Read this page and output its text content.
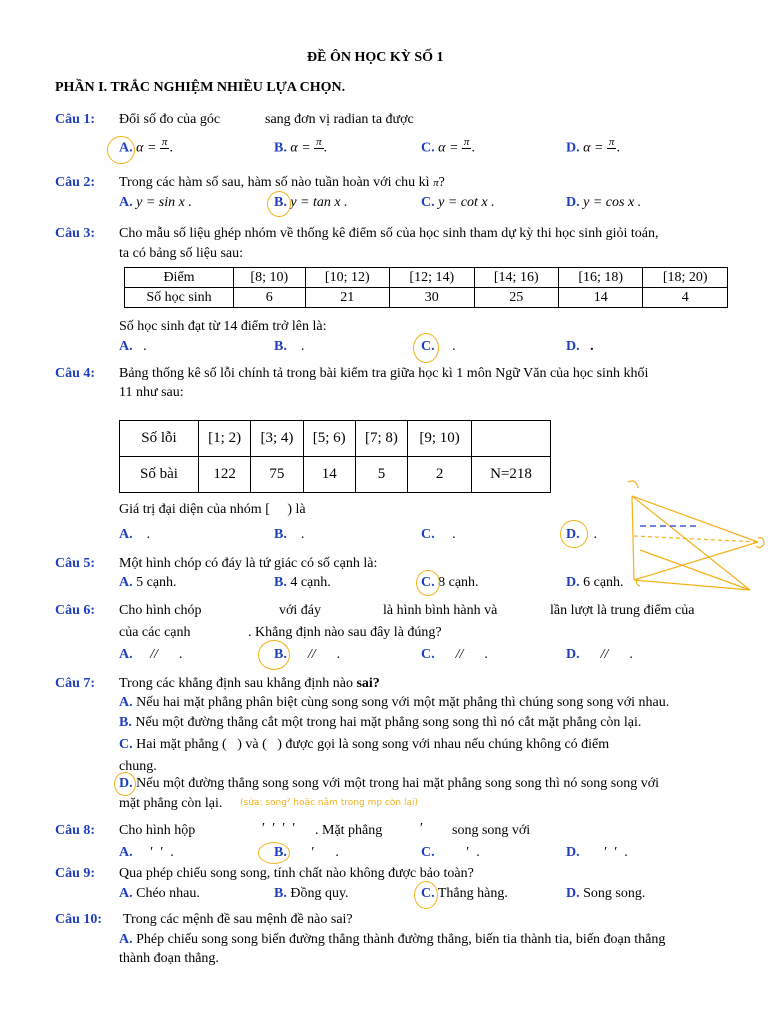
ĐỀ ÔN HỌC KỲ SỐ 1
PHẦN I. TRẮC NGHIỆM NHIỀU LỰA CHỌN.
Câu 1: Đổi số đo của góc	sang đơn vị radian ta được
A. α = π
.	B. α = π
.	C. α = π
.	D. α = π
.
Câu 2: Trong các hàm số sau, hàm số nào tuần hoàn với chu kì π?
A. y = sin x .	B. y = tan x .	C. y = cot x .	D. y = cos x .
Câu 3: Cho mẫu số liệu ghép nhóm về thống kê điểm số của học sinh tham dự kỳ thi học sinh giỏi toán,
ta có bảng số liệu sau:
Điểm	[8; 10)	[10; 12)	[12; 14)	[14; 16)	[16; 18)	[18; 20)
Số học sinh	6	21	30	25	14	4
Số học sinh đạt từ 14 điểm trở lên là:
A.   .	B.    .	C.     .	D. .
Câu 4: Bảng thống kê số lỗi chính tả trong bài kiểm tra giữa học kì 1 môn Ngữ Văn của học sinh khối
11 như sau:
Số lỗi	[1; 2)	[3; 4)	[5; 6)	[7; 8)	[9; 10)	
Số bài	122	75	14	5	2	N=218
Giá trị đại diện của nhóm [     ) là
A.    .	B.    .	C.     .	D.    .
Câu 5: Một hình chóp có đáy là tứ giác có số cạnh là:
A. 5 cạnh.	B. 4 cạnh.	C. 8 cạnh.	D. 6 cạnh.
Câu 6: Cho hình chóp	với đáy	là hình bình hành và	lần lượt là trung điểm của
của các cạnh	. Khẳng định nào sau đây là đúng?
A. //      .	B. //      .	C. //      .	D. //      .
Câu 7: Trong các khẳng định sau khẳng định nào sai?
A. Nếu hai mặt phẳng phân biệt cùng song song với một mặt phẳng thì chúng song song với nhau.
B. Nếu một đường thẳng cắt một trong hai mặt phẳng song song thì nó cắt mặt phẳng còn lại.
C. Hai mặt phẳng (   ) và (   ) được gọi là song song với nhau nếu chúng không có điểm
chung.
D. Nếu một đường thẳng song song với một trong hai mặt phẳng song song thì nó song song với
mặt phẳng còn lại. (sửa: song² hoặc nằm trong mp còn lại)
Câu 8: Cho hình hộp	′  ′  ′  ′ . Mặt phẳng	′ song song với
A.     ′  ′  .	B.       ′      .	C.         ′  .	D.       ′  ′  .
Câu 9: Qua phép chiếu song song, tính chất nào không được bảo toàn?
A. Chéo nhau.	B. Đồng quy.	C. Thẳng hàng.	D. Song song.
Câu 10: Trong các mệnh đề sau mệnh đề nào sai?
A. Phép chiếu song song biến đường thẳng thành đường thẳng, biến tia thành tia, biến đoạn thẳng
thành đoạn thẳng.
